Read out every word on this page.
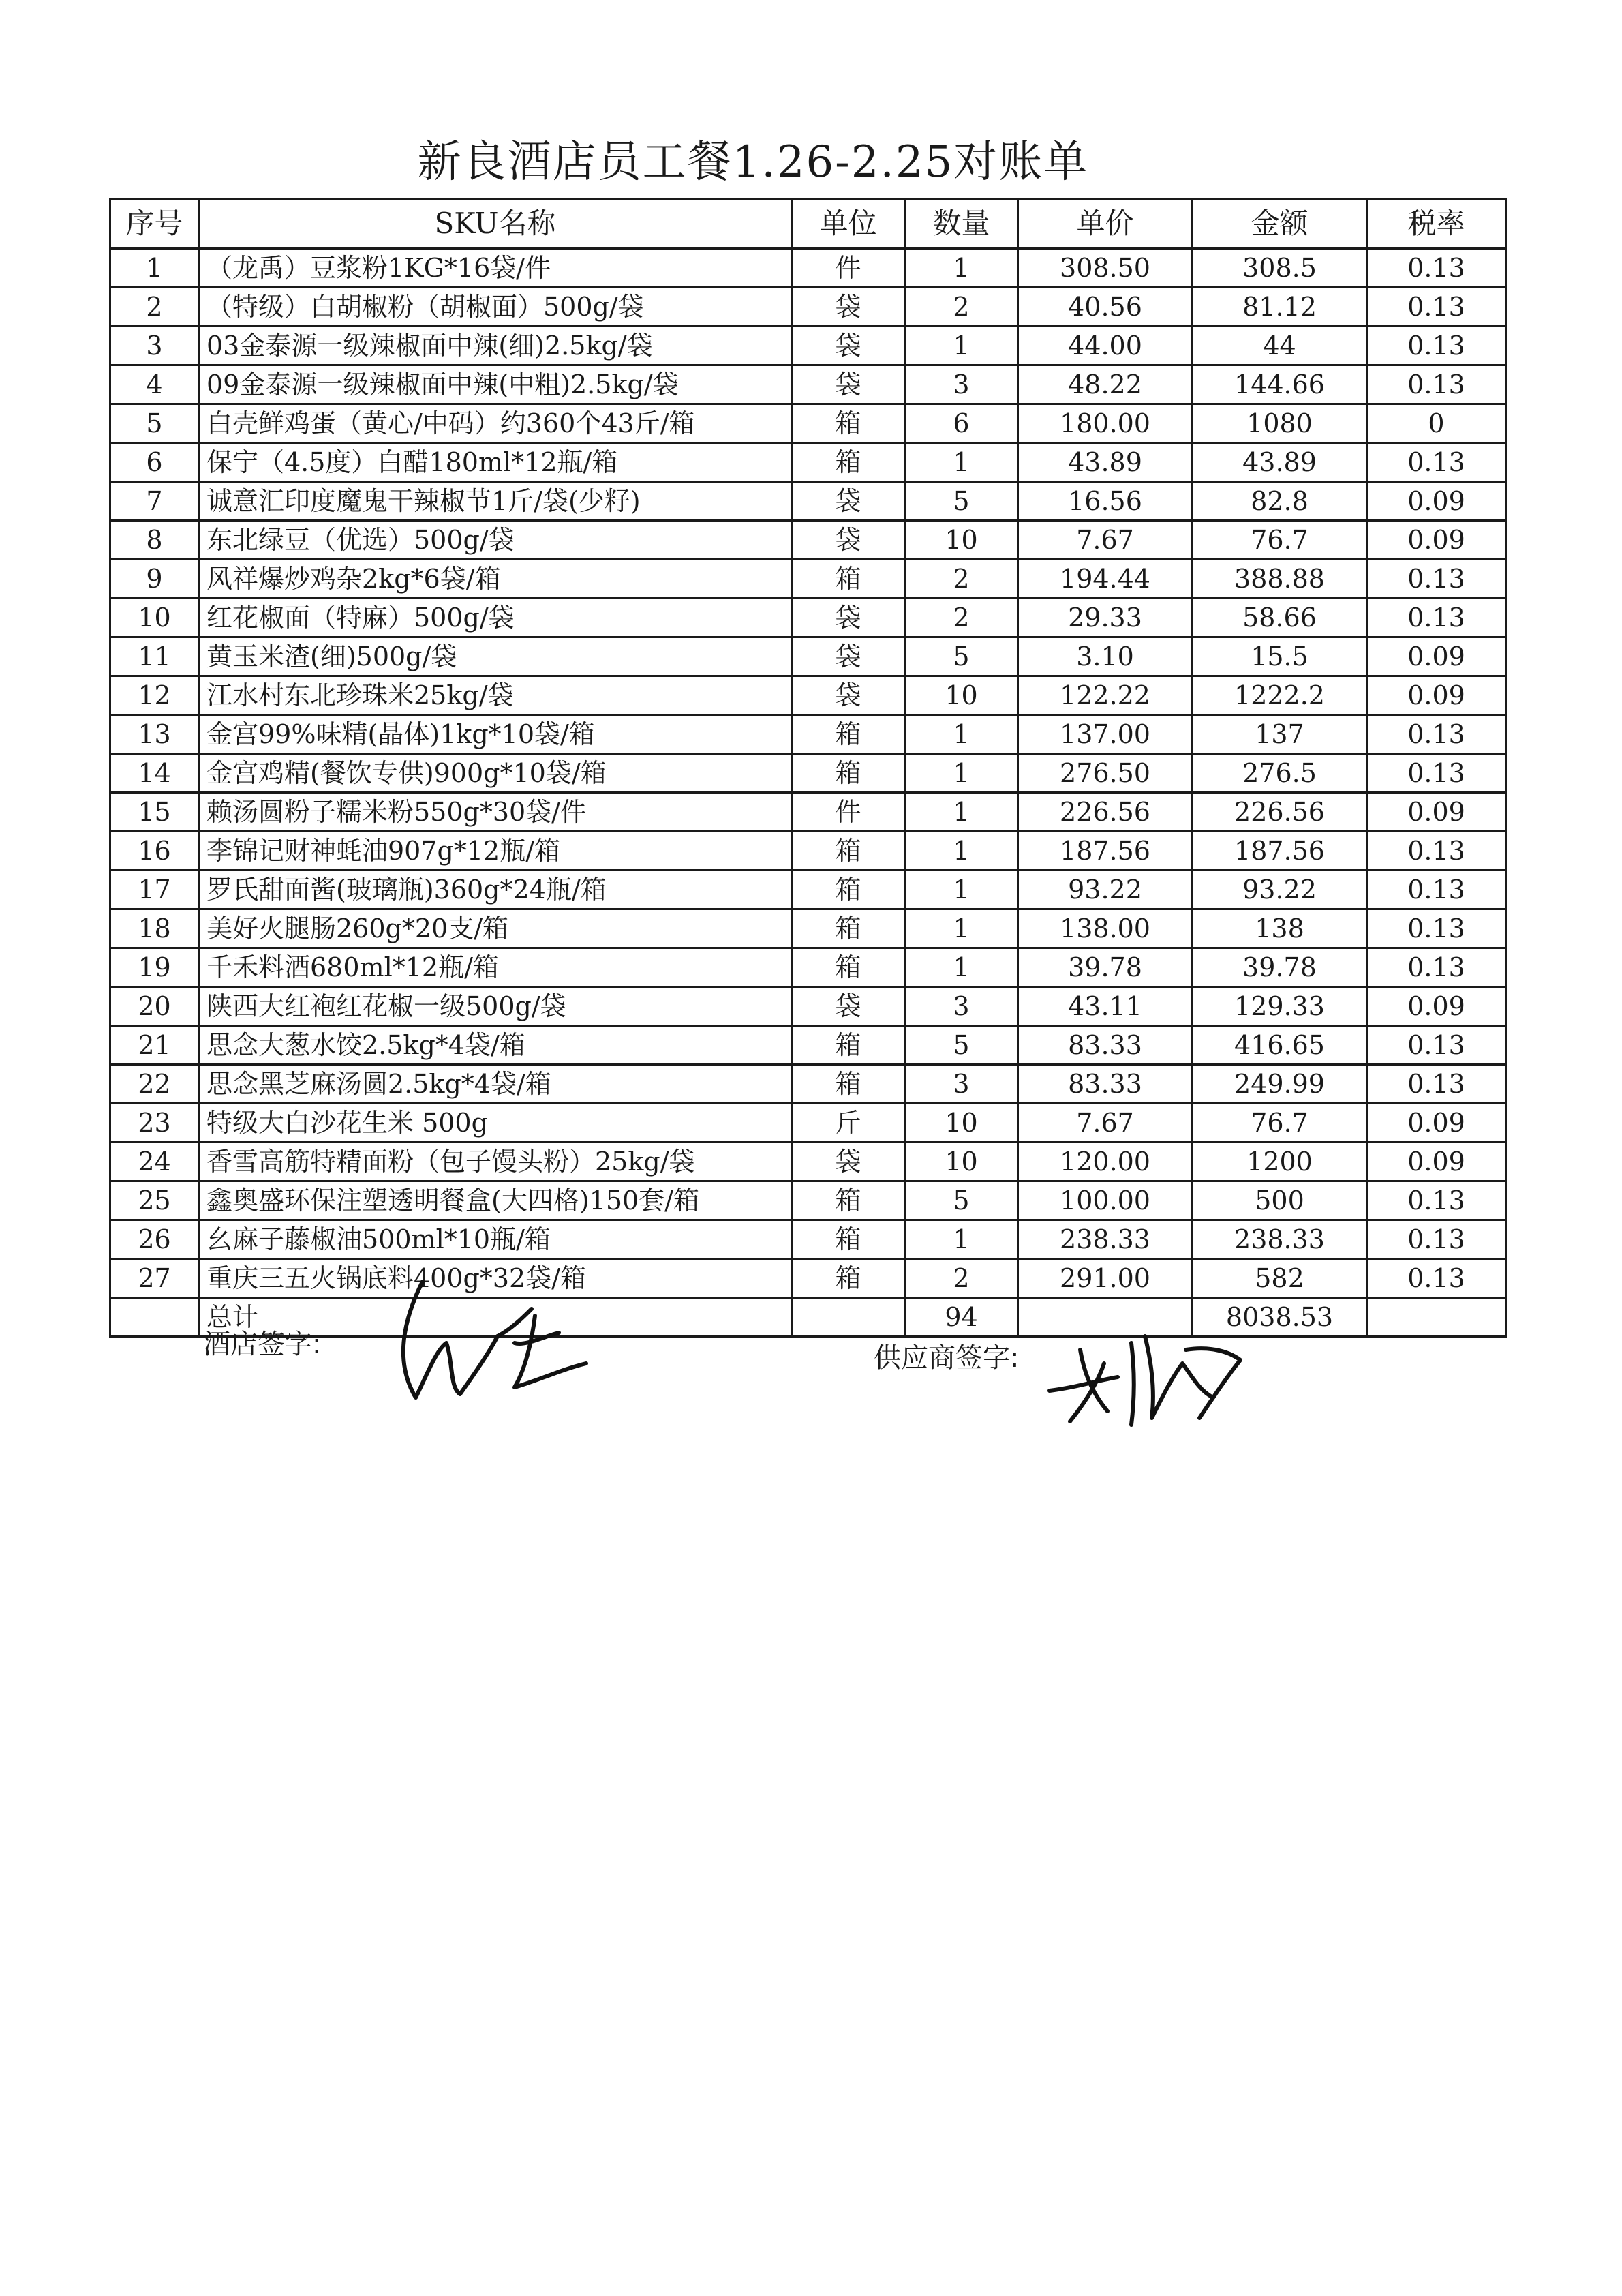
新良酒店员工餐1.26-2.25对账单
序号	SKU名称	单位	数量	单价	金额	税率
1	（龙禹）豆浆粉1KG*16袋/件	件	1	308.50	308.5	0.13
2	（特级）白胡椒粉（胡椒面）500g/袋	袋	2	40.56	81.12	0.13
3	03金泰源一级辣椒面中辣(细)2.5kg/袋	袋	1	44.00	44	0.13
4	09金泰源一级辣椒面中辣(中粗)2.5kg/袋	袋	3	48.22	144.66	0.13
5	白壳鲜鸡蛋（黄心/中码）约360个43斤/箱	箱	6	180.00	1080	0
6	保宁（4.5度）白醋180ml*12瓶/箱	箱	1	43.89	43.89	0.13
7	诚意汇印度魔鬼干辣椒节1斤/袋(少籽)	袋	5	16.56	82.8	0.09
8	东北绿豆（优选）500g/袋	袋	10	7.67	76.7	0.09
9	风祥爆炒鸡杂2kg*6袋/箱	箱	2	194.44	388.88	0.13
10	红花椒面（特麻）500g/袋	袋	2	29.33	58.66	0.13
11	黄玉米渣(细)500g/袋	袋	5	3.10	15.5	0.09
12	江水村东北珍珠米25kg/袋	袋	10	122.22	1222.2	0.09
13	金宫99%味精(晶体)1kg*10袋/箱	箱	1	137.00	137	0.13
14	金宫鸡精(餐饮专供)900g*10袋/箱	箱	1	276.50	276.5	0.13
15	赖汤圆粉子糯米粉550g*30袋/件	件	1	226.56	226.56	0.09
16	李锦记财神蚝油907g*12瓶/箱	箱	1	187.56	187.56	0.13
17	罗氏甜面酱(玻璃瓶)360g*24瓶/箱	箱	1	93.22	93.22	0.13
18	美好火腿肠260g*20支/箱	箱	1	138.00	138	0.13
19	千禾料酒680ml*12瓶/箱	箱	1	39.78	39.78	0.13
20	陕西大红袍红花椒一级500g/袋	袋	3	43.11	129.33	0.09
21	思念大葱水饺2.5kg*4袋/箱	箱	5	83.33	416.65	0.13
22	思念黑芝麻汤圆2.5kg*4袋/箱	箱	3	83.33	249.99	0.13
23	特级大白沙花生米 500g	斤	10	7.67	76.7	0.09
24	香雪高筋特精面粉（包子馒头粉）25kg/袋	袋	10	120.00	1200	0.09
25	鑫奥盛环保注塑透明餐盒(大四格)150套/箱	箱	5	100.00	500	0.13
26	幺麻子藤椒油500ml*10瓶/箱	箱	1	238.33	238.33	0.13
27	重庆三五火锅底料400g*32袋/箱	箱	2	291.00	582	0.13
	总计		94		8038.53	
酒店签字:	供应商签字:
